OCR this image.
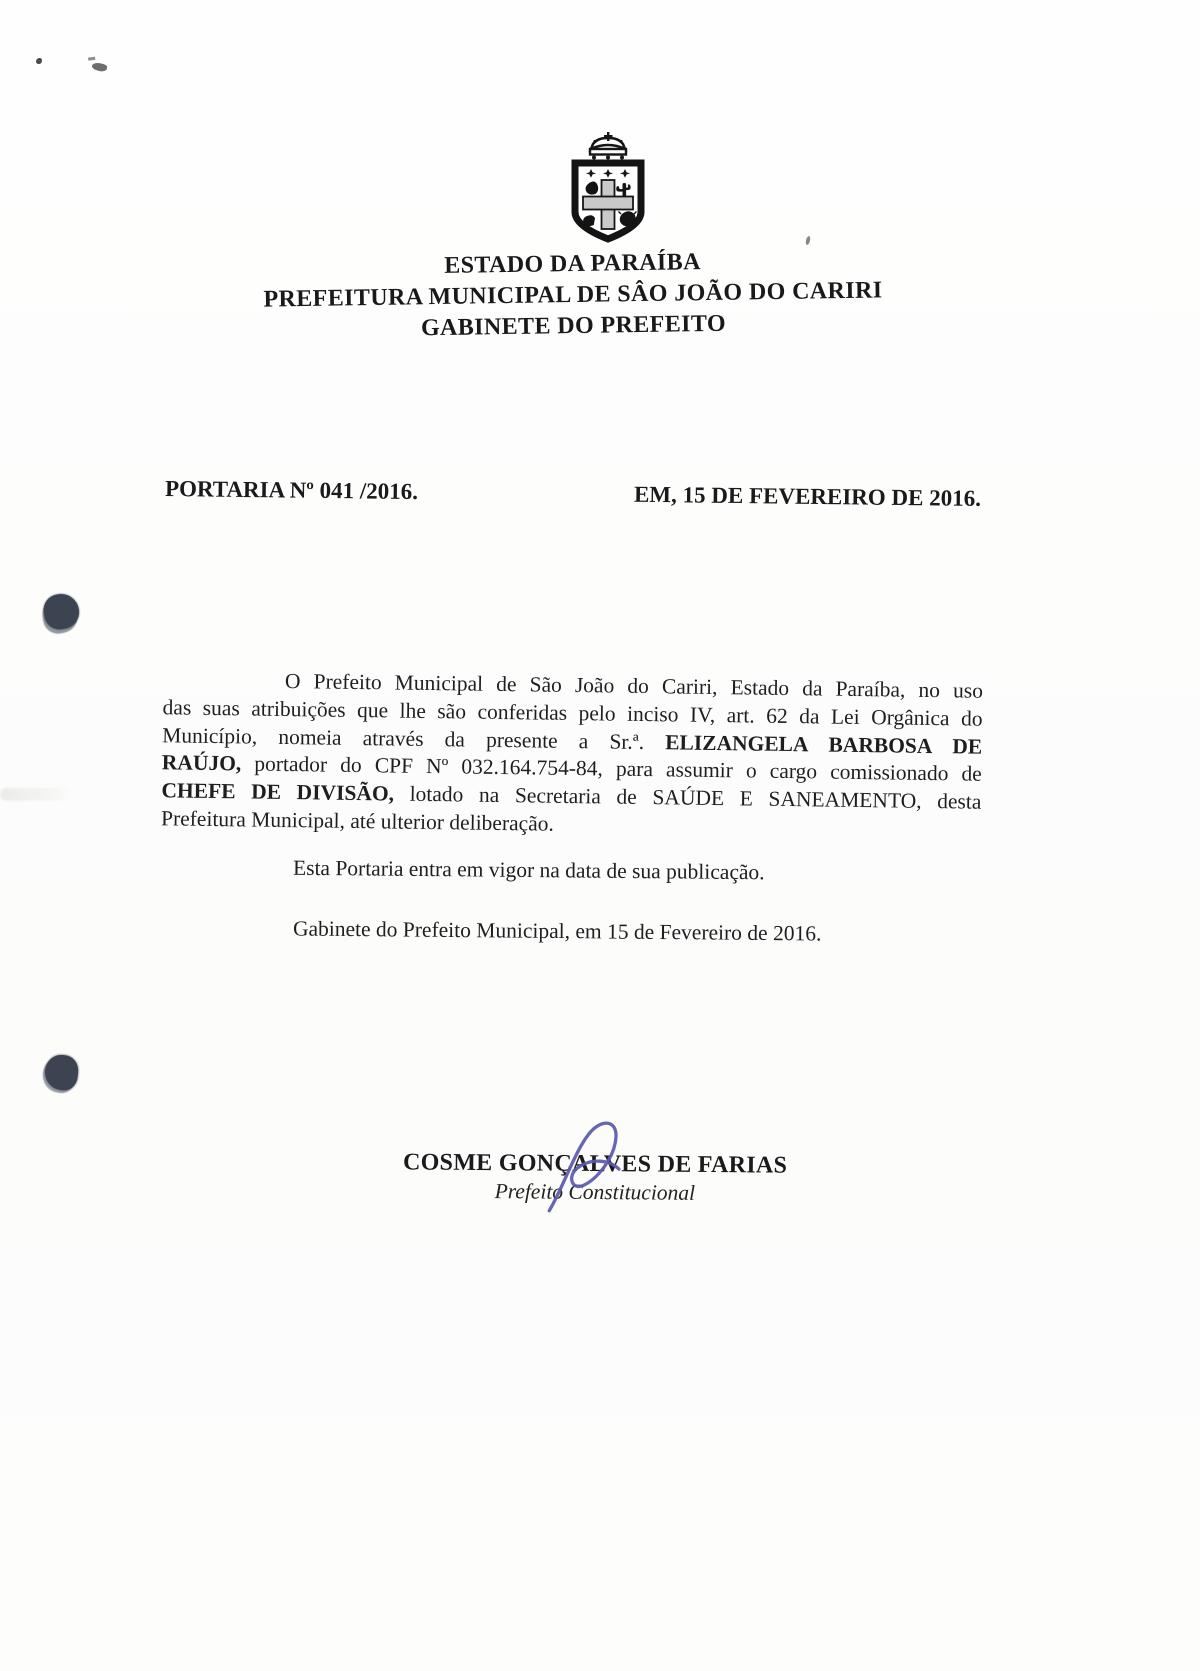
ESTADO DA PARAÍBA
PREFEITURA MUNICIPAL DE SÂO JOÃO DO CARIRI
GABINETE DO PREFEITO
PORTARIA Nº 041 /2016.	EM, 15 DE FEVEREIRO DE 2016.
O Prefeito Municipal de São João do Cariri, Estado da Paraíba, no uso
das suas atribuições que lhe são conferidas pelo inciso IV, art. 62 da Lei Orgânica do
Município, nomeia através da presente a Sr.ª. ELIZANGELA BARBOSA DE
RAÚJO, portador do CPF Nº 032.164.754-84, para assumir o cargo comissionado de
CHEFE DE DIVISÃO, lotado na Secretaria de SAÚDE E SANEAMENTO, desta
Prefeitura Municipal, até ulterior deliberação.
Esta Portaria entra em vigor na data de sua publicação.
Gabinete do Prefeito Municipal, em 15 de Fevereiro de 2016.
COSME GONÇALVES DE FARIAS
Prefeito Constitucional
